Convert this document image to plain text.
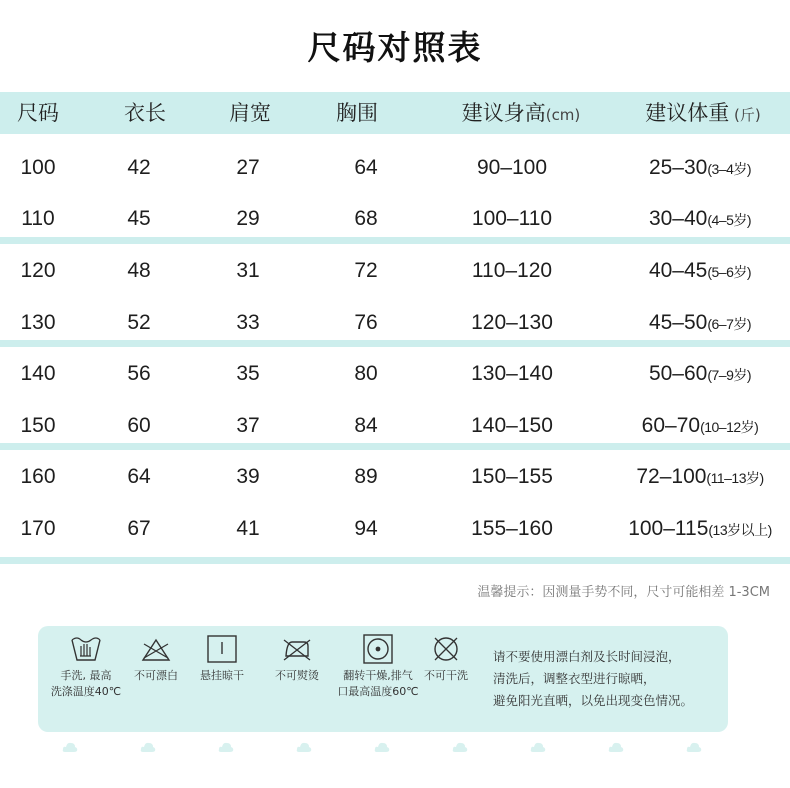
尺码对照表
尺码	衣长	肩宽	胸围	建议身高(cm)	建议体重 (斤)
100	42	27	64	90–100	25–30(3–4岁)
110	45	29	68	100–110	30–40(4–5岁)
120	48	31	72	110–120	40–45(5–6岁)
130	52	33	76	120–130	45–50(6–7岁)
140	56	35	80	130–140	50–60(7–9岁)
150	60	37	84	140–150	60–70(10–12岁)
160	64	39	89	150–155	72–100(11–13岁)
170	67	41	94	155–160	100–115(13岁以上)
温馨提示：因测量手势不同，尺寸可能相差 1-3CM
手洗, 最高
洗涤温度40℃
不可漂白	悬挂晾干	不可熨烫	翻转干燥,排气
口最高温度60℃
不可干洗
请不要使用漂白剂及长时间浸泡，
清洗后，调整衣型进行晾晒，
避免阳光直晒，以免出现变色情况。
